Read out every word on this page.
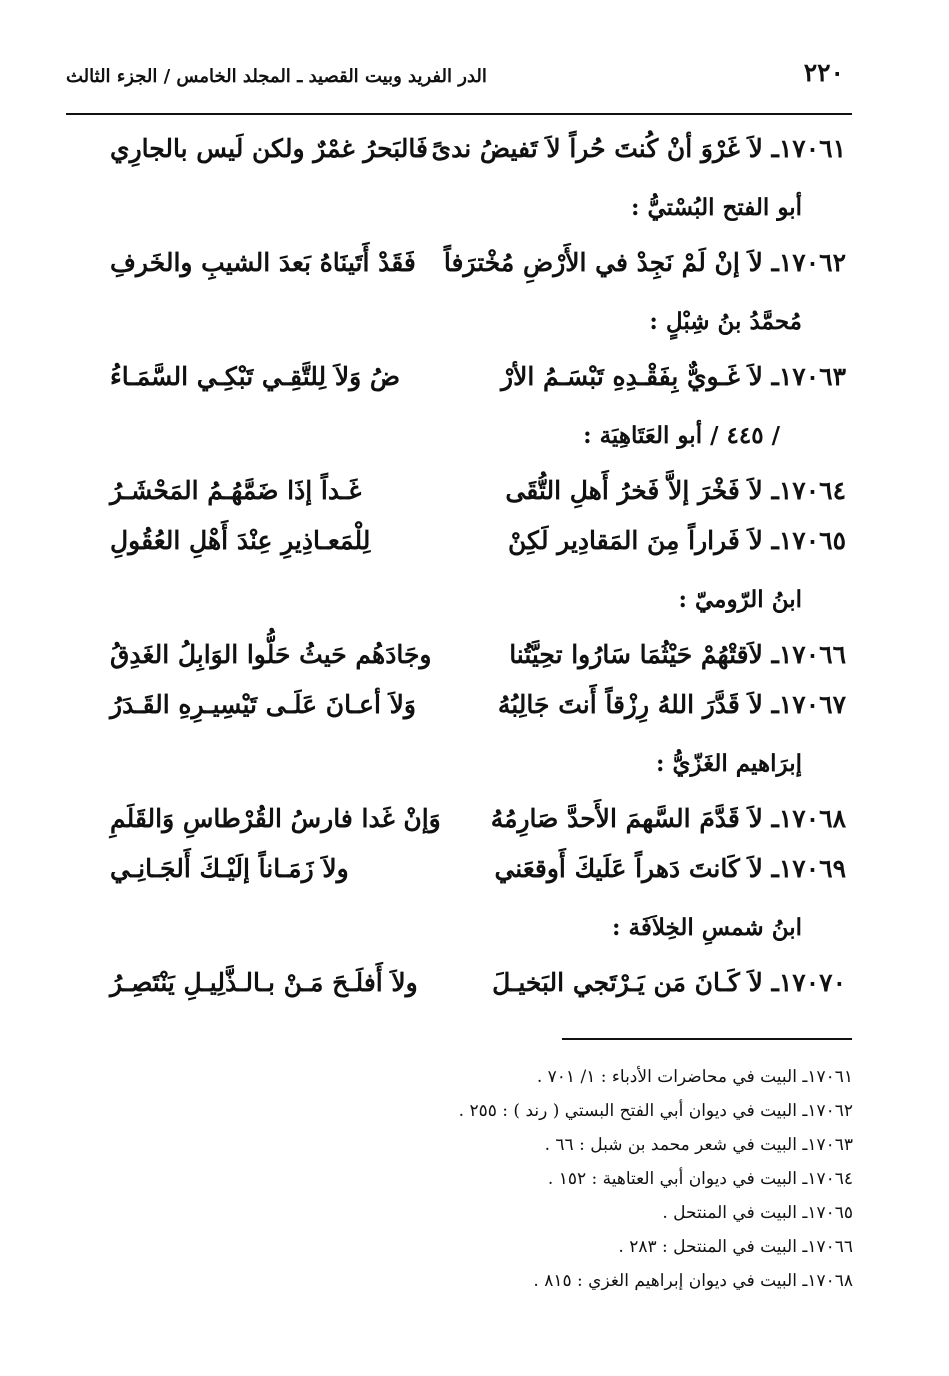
٢٢٠
الدر الفريد وبيت القصيد ـ المجلد الخامس / الجزء الثالث
١٧٠٦١ـ لاَ غَرْوَ أنْ كُنتَ حُراً لاَ تَفيضُ ندىً
فَالبَحرُ غمْرٌ ولكن لَيس بالجارِي
أبو الفتح البُسْتيُّ :
١٧٠٦٢ـ لاَ إنْ لَمْ نَجِدْ في الأَرْضِ مُخْترَفاً
فَقَدْ أَتَينَاهُ بَعدَ الشيبِ والخَرفِ
مُحمَّدُ بنُ شِبْلٍ :
١٧٠٦٣ـ لاَ غَـويٌّ بِفَقْـدِهِ تَبْسَـمُ الأرْ
ضُ وَلاَ لِلتَّقِـي تَبْكِـي السَّمَـاءُ
/ ٤٤٥ / أبو العَتَاهِيَة :
١٧٠٦٤ـ لاَ فَخْرَ إلاَّ فَخرُ أَهلِ التُّقَى
غَـداً إذَا ضَمَّهُـمُ المَحْشَـرُ
١٧٠٦٥ـ لاَ فَراراً مِنَ المَقادِير لَكِنْ
لِلْمَعـاذِيرِ عِنْدَ أَهْلِ العُقُولِ
ابنُ الرّوميّ :
١٧٠٦٦ـ لاَقتْهُمْ حَيْثُمَا سَارُوا تحِيَّتُنا
وجَادَهُم حَيثُ حَلُّوا الوَابِلُ الغَدِقُ
١٧٠٦٧ـ لاَ قَدَّرَ اللهُ رِزْقاً أَنتَ جَالِبُهُ
وَلاَ أعـانَ عَلَـى تَيْسِيـرِهِ القَـدَرُ
إبرَاهيم الغَزّيُّ :
١٧٠٦٨ـ لاَ قَدَّمَ السَّهمَ الأَحدَّ صَارِمُهُ
وَإنْ غَدا فارسُ القُرْطاسِ وَالقَلَمِ
١٧٠٦٩ـ لاَ كَانتَ دَهراً عَلَيكَ أَوقعَني
ولاَ زَمَـاناً إلَيْـكَ أَلجَـانِـي
ابنُ شمسِ الخِلاَفَة :
١٧٠٧٠ـ لاَ كَـانَ مَن يَـرْتَجي البَخيـلَ
ولاَ أَفلَـحَ مَـنْ بـالـذَّلِيـلِ يَنْتَصِـرُ
١٧٠٦١ـ البيت في محاضرات الأدباء : ١/ ٧٠١ .
١٧٠٦٢ـ البيت في ديوان أبي الفتح البستي ( رند ) : ٢٥٥ .
١٧٠٦٣ـ البيت في شعر محمد بن شبل : ٦٦ .
١٧٠٦٤ـ البيت في ديوان أبي العتاهية : ١٥٢ .
١٧٠٦٥ـ البيت في المنتحل .
١٧٠٦٦ـ البيت في المنتحل : ٢٨٣ .
١٧٠٦٨ـ البيت في ديوان إبراهيم الغزي : ٨١٥ .
